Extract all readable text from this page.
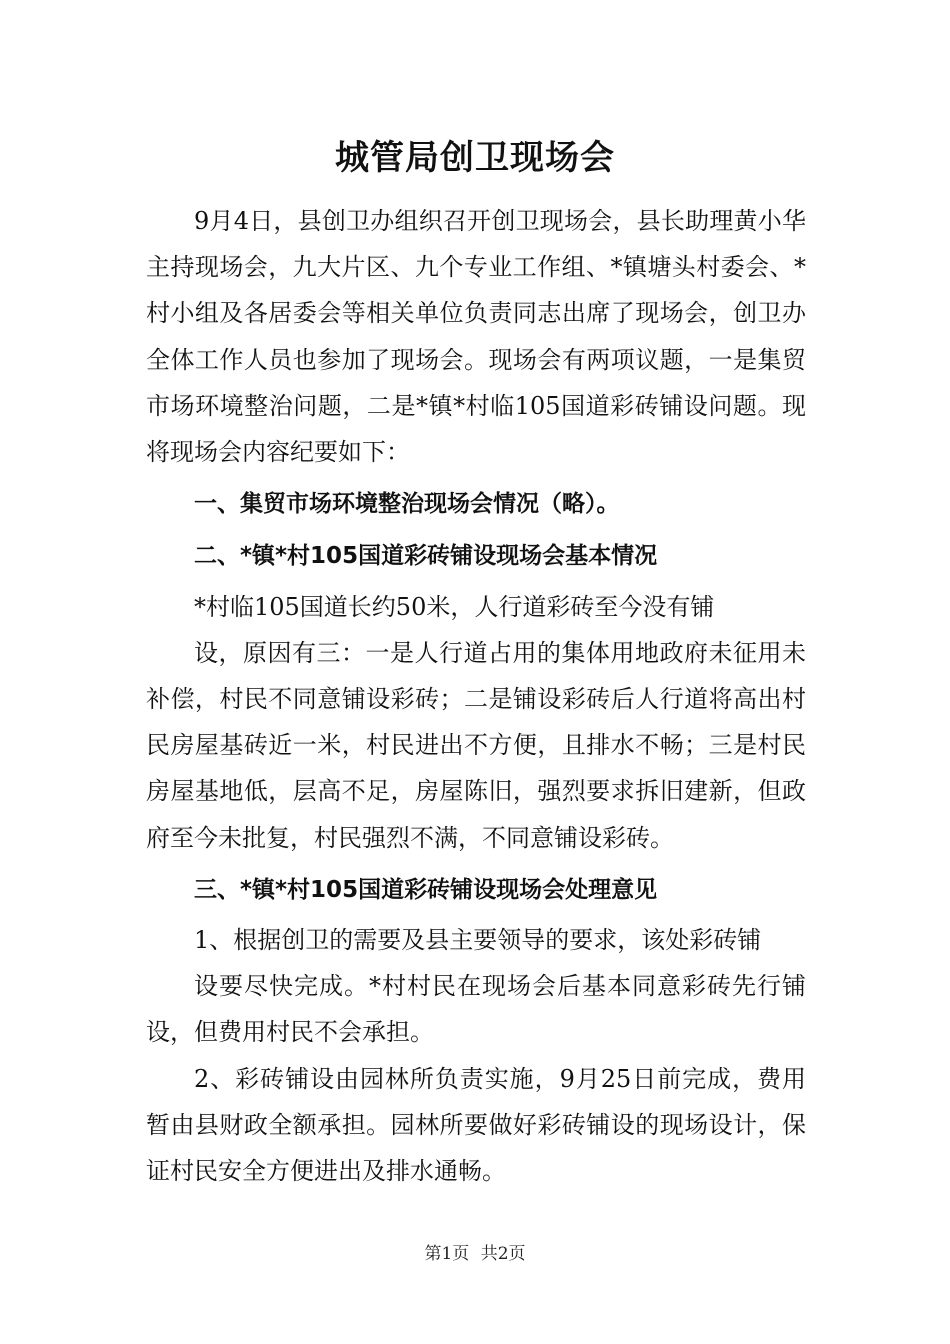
城管局创卫现场会

9月4日，县创卫办组织召开创卫现场会，县长助理黄小华主持现场会，九大片区、九个专业工作组、*镇塘头村委会、*村小组及各居委会等相关单位负责同志出席了现场会，创卫办全体工作人员也参加了现场会。现场会有两项议题，一是集贸市场环境整治问题，二是*镇*村临105国道彩砖铺设问题。现将现场会内容纪要如下：

一、集贸市场环境整治现场会情况（略）。

二、*镇*村105国道彩砖铺设现场会基本情况

*村临105国道长约50米，人行道彩砖至今没有铺

设，原因有三：一是人行道占用的集体用地政府未征用未补偿，村民不同意铺设彩砖；二是铺设彩砖后人行道将高出村民房屋基砖近一米，村民进出不方便，且排水不畅；三是村民房屋基地低，层高不足，房屋陈旧，强烈要求拆旧建新，但政府至今未批复，村民强烈不满，不同意铺设彩砖。

三、*镇*村105国道彩砖铺设现场会处理意见

1、根据创卫的需要及县主要领导的要求，该处彩砖铺

设要尽快完成。*村村民在现场会后基本同意彩砖先行铺设，但费用村民不会承担。

2、彩砖铺设由园林所负责实施，9月25日前完成，费用暂由县财政全额承担。园林所要做好彩砖铺设的现场设计，保证村民安全方便进出及排水通畅。

第1页 共2页
